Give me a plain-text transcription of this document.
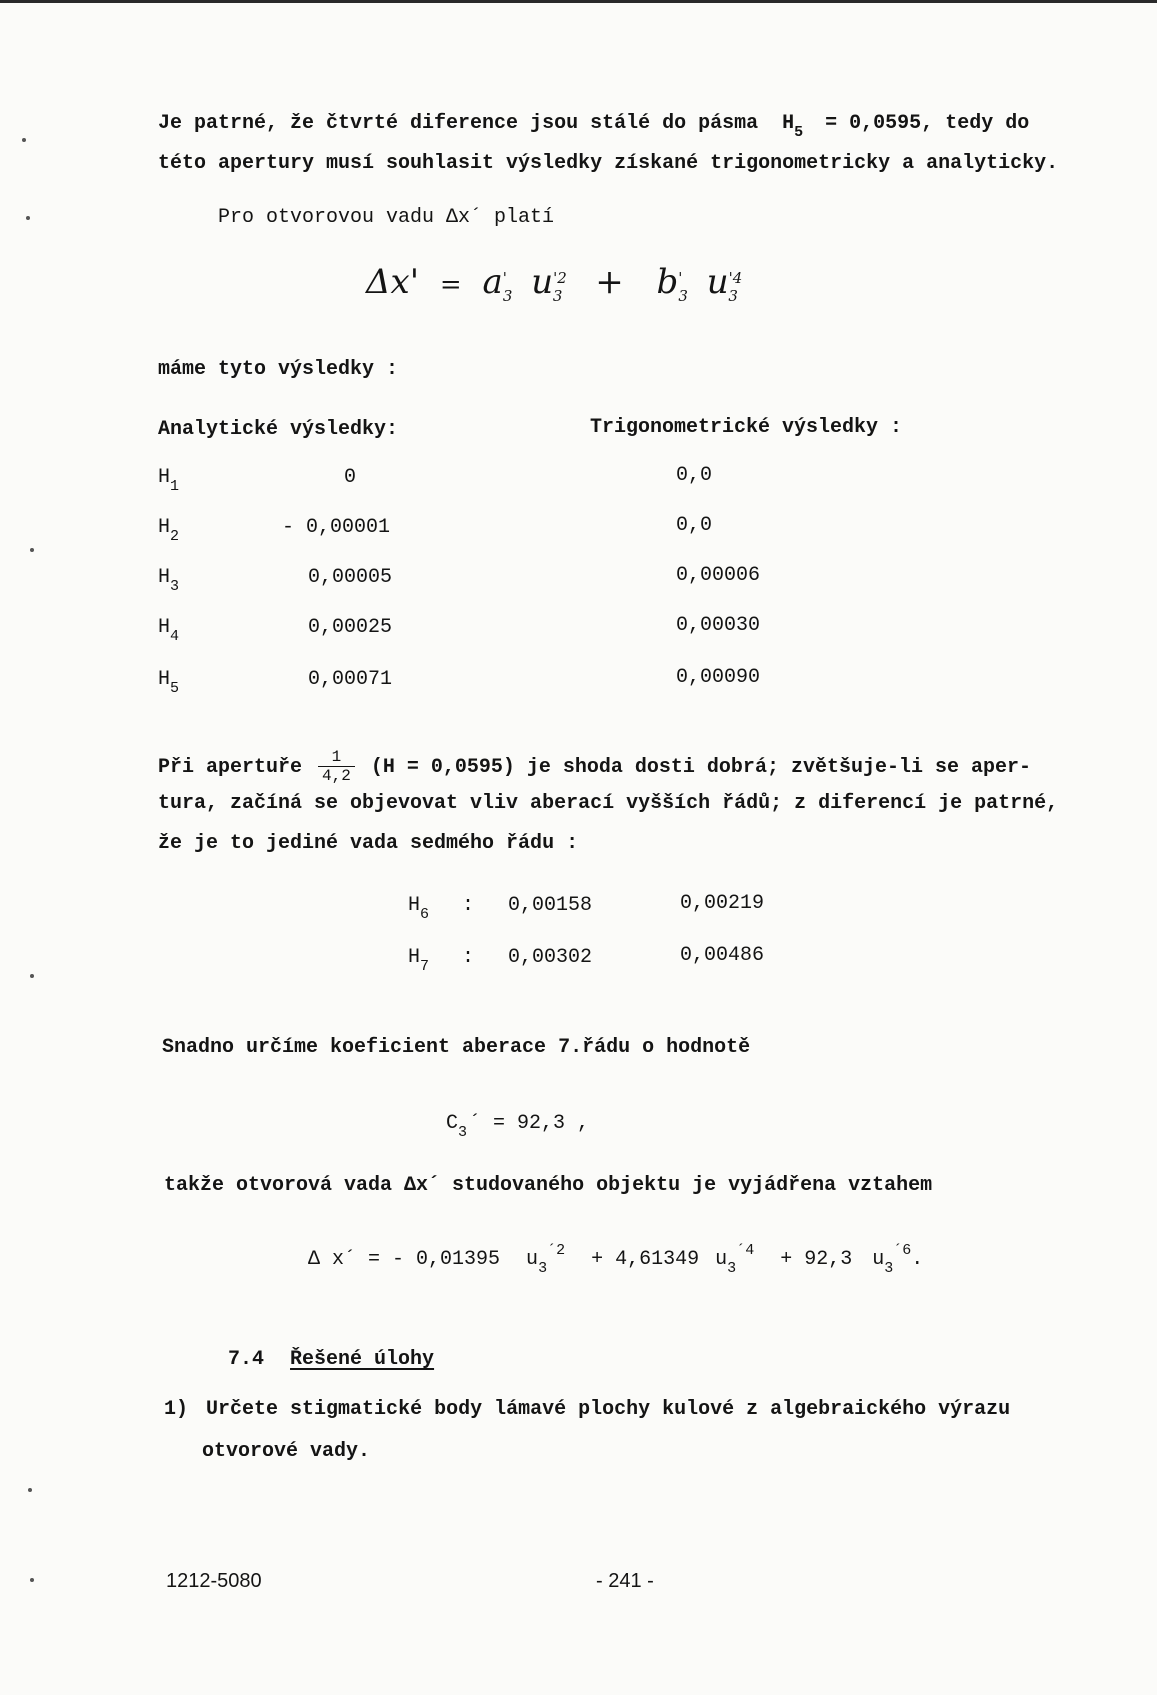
Je patrné, že čtvrté diference jsou stálé do pásma $H_5 = 0,0595$, tedy do
této apertury musí souhlasit výsledky získané trigonometricky a analyticky.
Pro otvorovou vadu Δx´ platí
$\Delta x' = a'_3$ $u^{'2}_3 + b'_3$ $u^{'4}_3$
máme tyto výsledky :
Analytické výsledky:	Trigonometrické výsledky :
$H_1$	0	0,0
$H_2$	- 0,00001	0,0
$H_3$	0,00005	0,00006
$H_4$	0,00025	0,00030
$H_5$	0,00071	0,00090
Při apertuře $\frac{1}{4,2} (H = 0,0595)$ je shoda dosti dobrá; zvětšuje-li se aper-
tura, začíná se objevovat vliv aberací vyšších řádů; z diferencí je patrné,
že je to jediné vada sedmého řádu :
$H_6$ : 0,00158	0,00219
$H_7$ : 0,00302	0,00486
Snadno určíme koeficient aberace 7.řádu o hodnotě
$C_3$ ´ = 92,3 ,
takže otvorová vada Δx´ studovaného objektu je vyjádřena vztahem
Δ x´ = - 0,01395 $u_3^{´2} + 4,61349$ $u_3^{´4} + 92,3$ $u_3^{´6}$.
7.4 Řešené úlohy
1) Určete stigmatické body lámavé plochy kulové z algebraického výrazu
otvorové vady.
1212-5080	- 241 -
